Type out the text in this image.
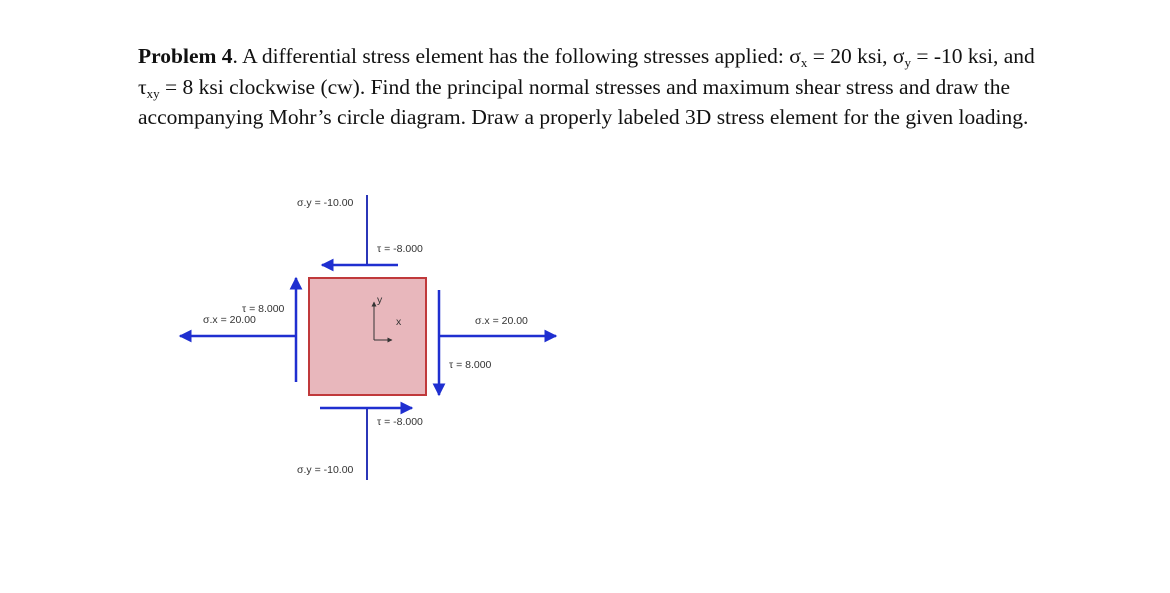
Problem 4. A differential stress element has the following stresses applied: $\sigma_x = 20$ ksi, $\sigma_y = -10$ ksi, and $\tau_{xy} = 8$ ksi clockwise (cw). Find the principal normal stresses and maximum shear stress and draw the accompanying Mohr’s circle diagram. Draw a properly labeled 3D stress element for the given loading.
y
x
σ.y = -10.00
τ = -8.000
τ = 8.000
σ.x = 20.00	σ.x = 20.00
τ = 8.000
τ = -8.000
σ.y = -10.00
